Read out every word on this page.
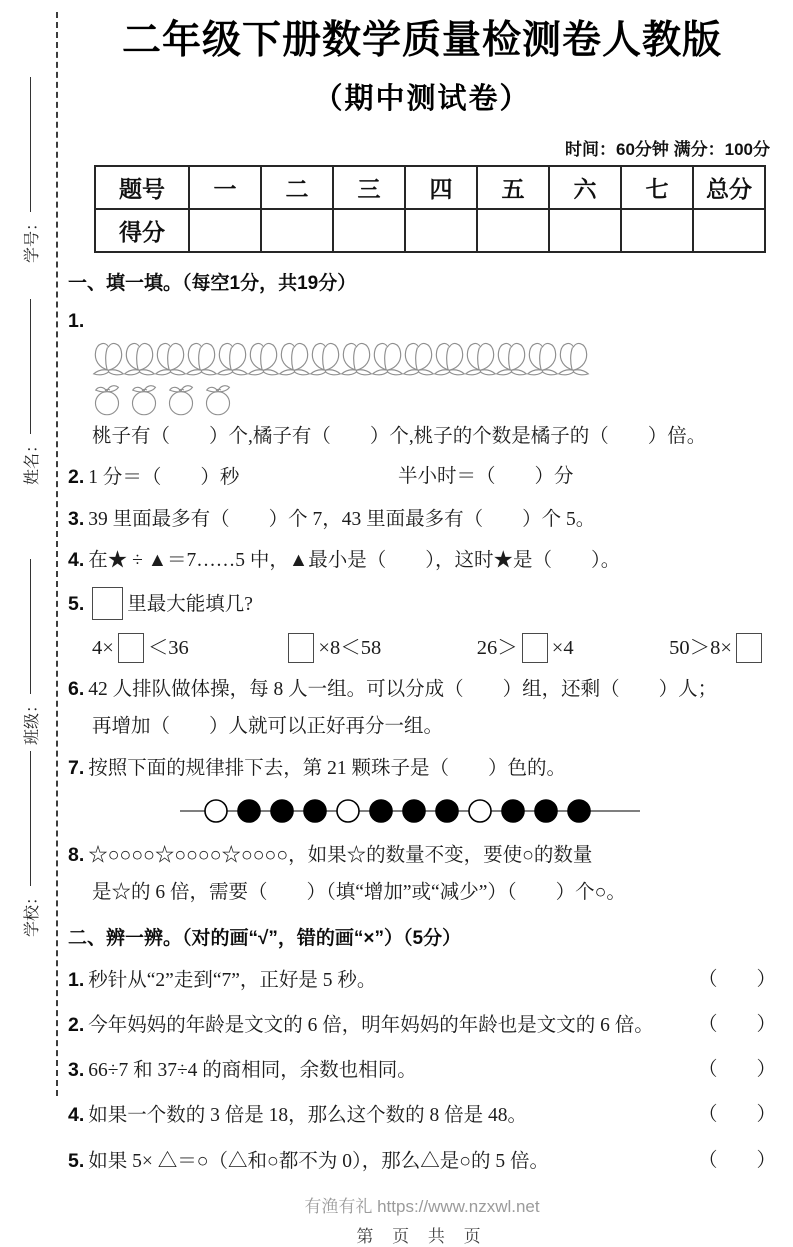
学号：
姓名：
班级：
学校：
二年级下册数学质量检测卷人教版
（期中测试卷）
时间：60分钟 满分：100分
题号	一	二	三	四	五	六	七	总分
得分								
一、填一填。（每空1分，共19分）
1.
桃子有（  ）个,橘子有（  ）个,桃子的个数是橘子的（  ）倍。
2. 1 分＝（  ）秒	半小时＝（  ）分
3. 39 里面最多有（  ）个 7，43 里面最多有（  ）个 5。
4. 在★ ÷ ▲＝7……5 中，▲最小是（  ），这时★是（  ）。
5. 里最大能填几?
4× ＜36	×8＜58	26＞ ×4	50＞8×
6. 42 人排队做体操，每 8 人一组。可以分成（  ）组，还剩（  ）人；
再增加（  ）人就可以正好再分一组。
7. 按照下面的规律排下去，第 21 颗珠子是（  ）色的。
8. ☆○○○○☆○○○○☆○○○○，如果☆的数量不变，要使○的数量
是☆的 6 倍，需要（  ）（填“增加”或“减少”）（  ）个○。
二、辨一辨。（对的画“√”，错的画“×”）（5分）
1. 秒针从“2”走到“7”，正好是 5 秒。	（  ）
2. 今年妈妈的年龄是文文的 6 倍，明年妈妈的年龄也是文文的 6 倍。	（  ）
3. 66÷7 和 37÷4 的商相同，余数也相同。	（  ）
4. 如果一个数的 3 倍是 18，那么这个数的 8 倍是 48。	（  ）
5. 如果 5× △＝○（△和○都不为 0），那么△是○的 5 倍。	（  ）
有渔有礼 https://www.nzxwl.net
第 页 共 页
